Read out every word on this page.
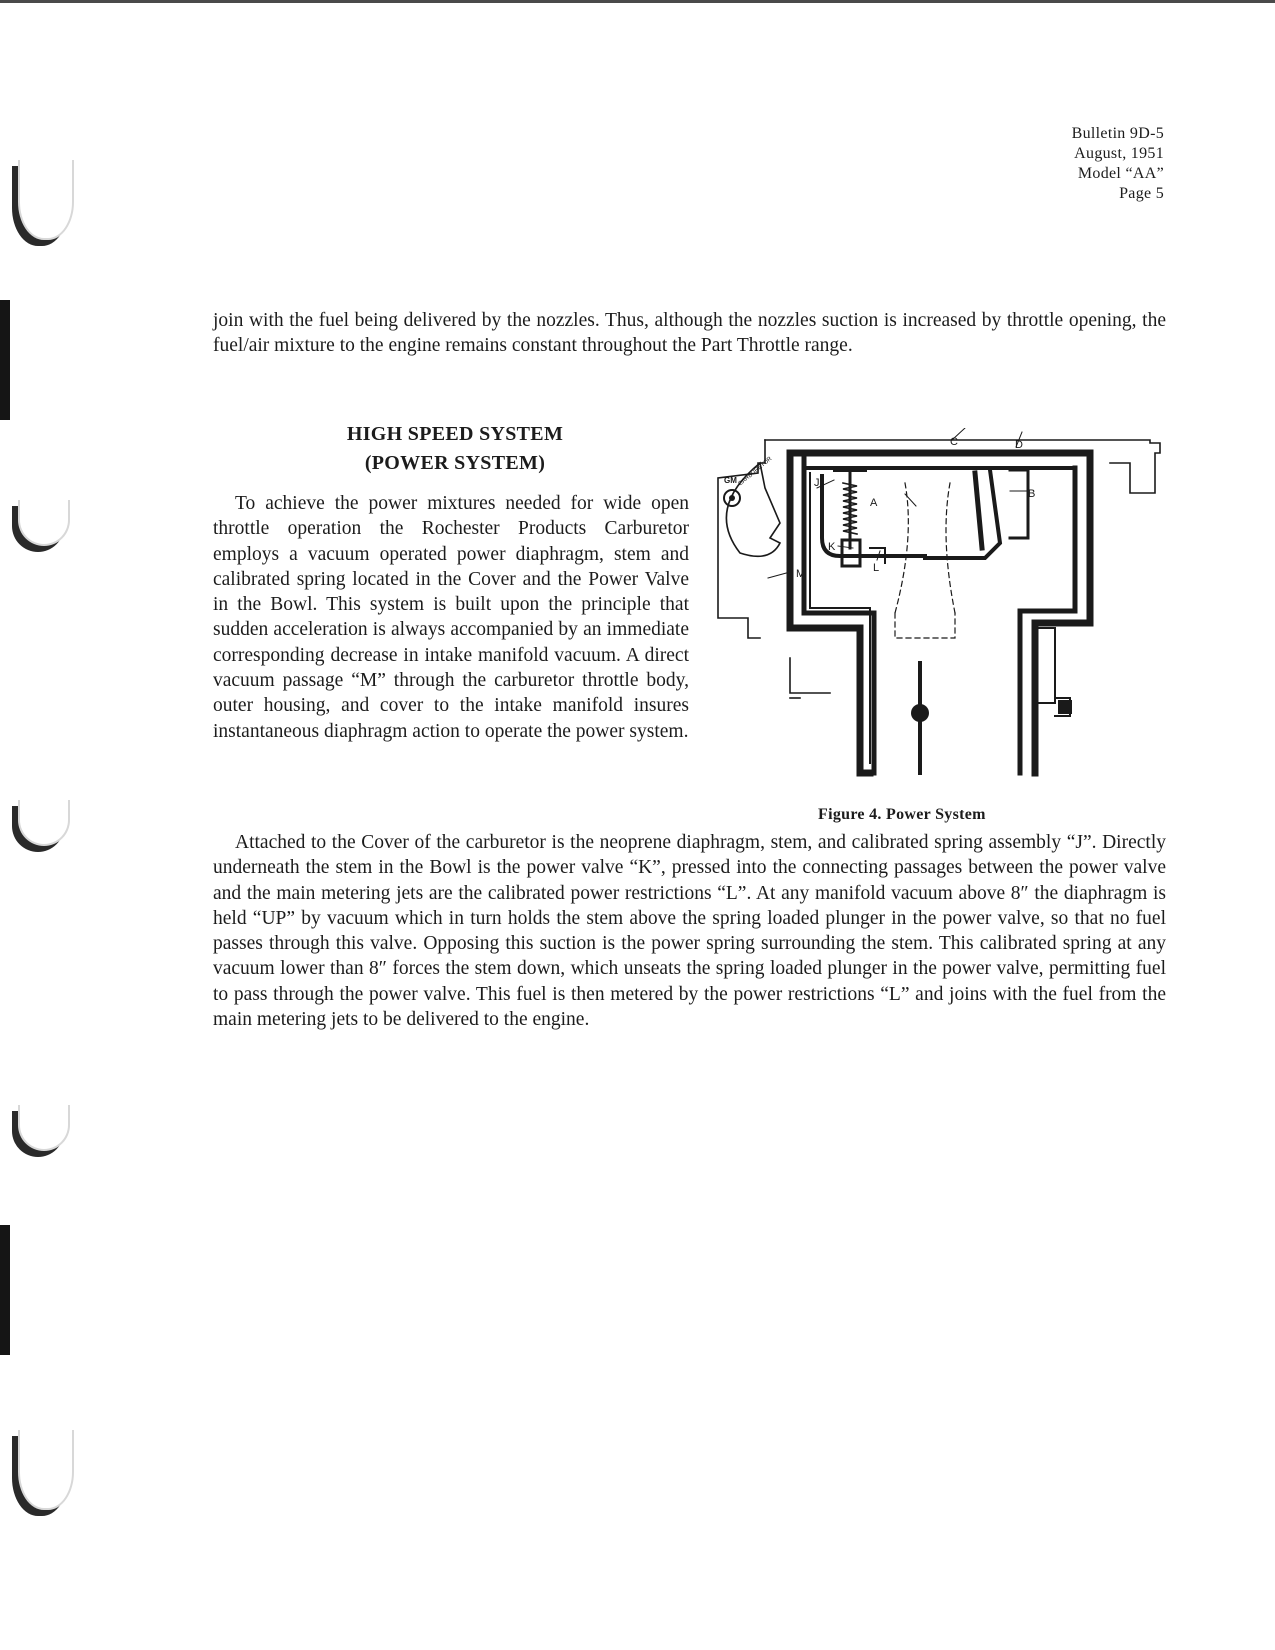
Bulletin 9D-5
August, 1951
Model “AA”
Page 5

join with the fuel being delivered by the nozzles. Thus, although the nozzles suction is increased by throttle opening, the fuel/air mixture to the engine remains constant throughout the Part Throttle range.

HIGH SPEED SYSTEM
(POWER SYSTEM)

To achieve the power mixtures needed for wide open throttle operation the Rochester Products Carburetor employs a vacuum operated power diaphragm, stem and calibrated spring located in the Cover and the Power Valve in the Bowl. This system is built upon the principle that sudden acceleration is always accompanied by an immediate corresponding decrease in intake manifold vacuum. A direct vacuum passage “M” through the carburetor throttle body, outer housing, and cover to the intake manifold insures instantaneous diaphragm action to operate the power system.

J
A
B
C	D
K
L
M
GM CARBURETOR
Figure 4. Power System

Attached to the Cover of the carburetor is the neoprene diaphragm, stem, and calibrated spring assembly “J”. Directly underneath the stem in the Bowl is the power valve “K”, pressed into the connecting passages between the power valve and the main metering jets are the calibrated power restrictions “L”. At any manifold vacuum above 8″ the diaphragm is held “UP” by vacuum which in turn holds the stem above the spring loaded plunger in the power valve, so that no fuel passes through this valve. Opposing this suction is the power spring surrounding the stem. This calibrated spring at any vacuum lower than 8″ forces the stem down, which unseats the spring loaded plunger in the power valve, permitting fuel to pass through the power valve. This fuel is then metered by the power restrictions “L” and joins with the fuel from the main metering jets to be delivered to the engine.
